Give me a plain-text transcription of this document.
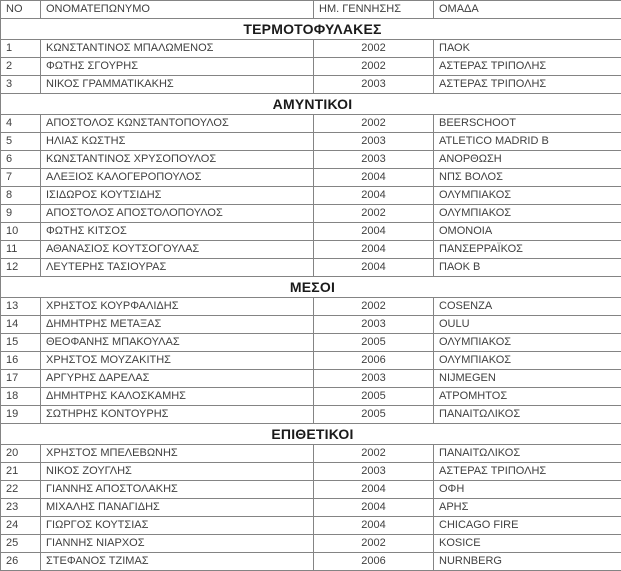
NO	ΟΝΟΜΑΤΕΠΩΝΥΜΟ	ΗΜ. ΓΕΝΝΗΣΗΣ	ΟΜΑΔΑ
ΤΕΡΜΟΤΟΦΥΛΑΚΕΣ			
1	ΚΩΝΣΤΑΝΤΙΝΟΣ ΜΠΑΛΩΜΕΝΟΣ	2002	ΠΑΟΚ
2	ΦΩΤΗΣ ΣΓΟΥΡΗΣ	2002	ΑΣΤΕΡΑΣ ΤΡΙΠΟΛΗΣ
3	ΝΙΚΟΣ ΓΡΑΜΜΑΤΙΚΑΚΗΣ	2003	ΑΣΤΕΡΑΣ ΤΡΙΠΟΛΗΣ
ΑΜΥΝΤΙΚΟΙ			
4	ΑΠΟΣΤΟΛΟΣ ΚΩΝΣΤΑΝΤΟΠΟΥΛΟΣ	2002	BEERSCHOOT
5	ΗΛΙΑΣ ΚΩΣΤΗΣ	2003	ATLETICO MADRID B
6	ΚΩΝΣΤΑΝΤΙΝΟΣ ΧΡΥΣΟΠΟΥΛΟΣ	2003	ΑΝΟΡΘΩΣΗ
7	ΑΛΕΞΙΟΣ ΚΑΛΟΓΕΡΟΠΟΥΛΟΣ	2004	ΝΠΣ ΒΟΛΟΣ
8	ΙΣΙΔΩΡΟΣ ΚΟΥΤΣΙΔΗΣ	2004	ΟΛΥΜΠΙΑΚΟΣ
9	ΑΠΟΣΤΟΛΟΣ ΑΠΟΣΤΟΛΟΠΟΥΛΟΣ	2002	ΟΛΥΜΠΙΑΚΟΣ
10	ΦΩΤΗΣ ΚΙΤΣΟΣ	2004	ΟΜΟΝΟΙΑ
11	ΑΘΑΝΑΣΙΟΣ ΚΟΥΤΣΟΓΟΥΛΑΣ	2004	ΠΑΝΣΕΡΡΑΪΚΟΣ
12	ΛΕΥΤΕΡΗΣ ΤΑΣΙΟΥΡΑΣ	2004	ΠΑΟΚ Β
ΜΕΣΟΙ			
13	ΧΡΗΣΤΟΣ ΚΟΥΡΦΑΛΙΔΗΣ	2002	COSENZA
14	ΔΗΜΗΤΡΗΣ ΜΕΤΑΞΑΣ	2003	OULU
15	ΘΕΟΦΑΝΗΣ ΜΠΑΚΟΥΛΑΣ	2005	ΟΛΥΜΠΙΑΚΟΣ
16	ΧΡΗΣΤΟΣ ΜΟΥΖΑΚΙΤΗΣ	2006	ΟΛΥΜΠΙΑΚΟΣ
17	ΑΡΓΥΡΗΣ ΔΑΡΕΛΑΣ	2003	NIJMEGEN
18	ΔΗΜΗΤΡΗΣ ΚΑΛΟΣΚΑΜΗΣ	2005	ΑΤΡΟΜΗΤΟΣ
19	ΣΩΤΗΡΗΣ ΚΟΝΤΟΥΡΗΣ	2005	ΠΑΝΑΙΤΩΛΙΚΟΣ
ΕΠΙΘΕΤΙΚΟΙ			
20	ΧΡΗΣΤΟΣ ΜΠΕΛΕΒΩΝΗΣ	2002	ΠΑΝΑΙΤΩΛΙΚΟΣ
21	ΝΙΚΟΣ ΖΟΥΓΛΗΣ	2003	ΑΣΤΕΡΑΣ ΤΡΙΠΟΛΗΣ
22	ΓΙΑΝΝΗΣ ΑΠΟΣΤΟΛΑΚΗΣ	2004	ΟΦΗ
23	ΜΙΧΑΛΗΣ ΠΑΝΑΓΙΔΗΣ	2004	ΑΡΗΣ
24	ΓΙΩΡΓΟΣ ΚΟΥΤΣΙΑΣ	2004	CHICAGO FIRE
25	ΓΙΑΝΝΗΣ ΝΙΑΡΧΟΣ	2002	KOSICE
26	ΣΤΕΦΑΝΟΣ ΤΖΙΜΑΣ	2006	NURNBERG
